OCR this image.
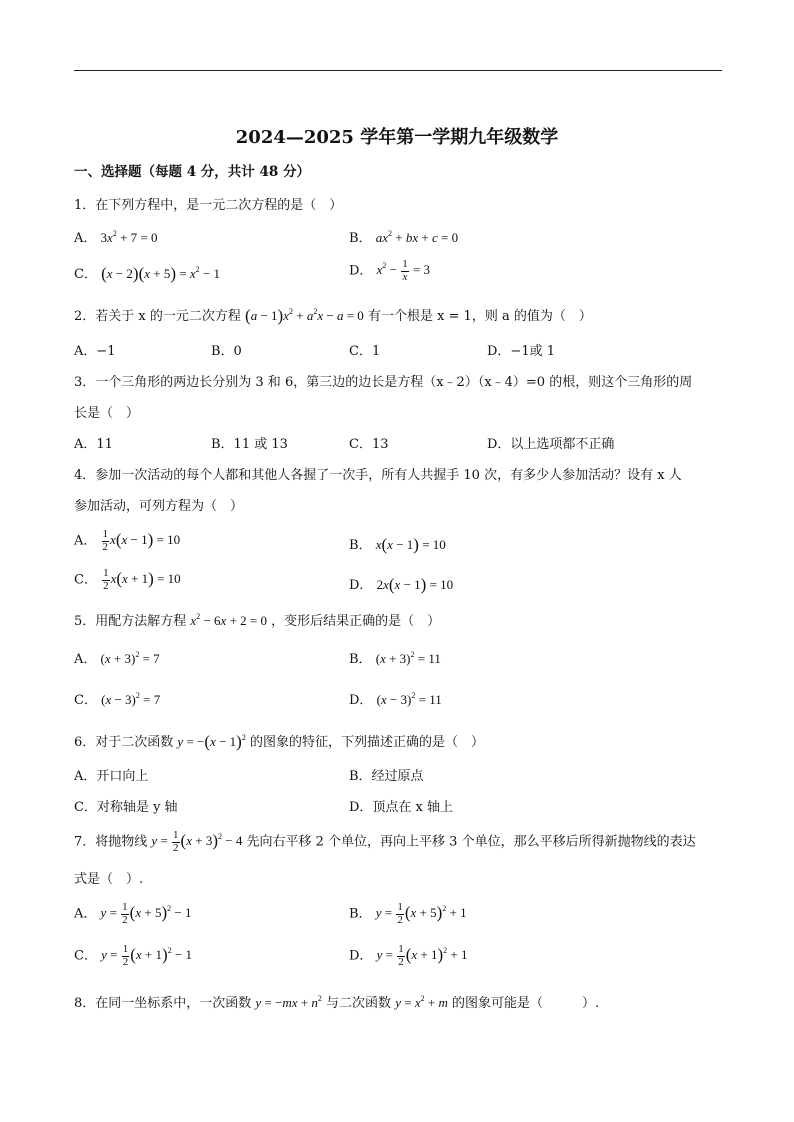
2024—2025 学年第一学期九年级数学
一、选择题（每题 4 分，共计 48 分）
1．在下列方程中，是一元二次方程的是（　）
A． $3x^2 + 7 = 0$	B． $ax^2$ + bx + c = 0
C． $(x - 2)(x + 5) = x^2 - 1$	D． $x^2 - \frac{1}{x} = 3$
2．若关于 x 的一元二次方程 $(a - 1)x^2 + a^2x - a = 0$ 有一个根是 x = 1，则 a 的值为（　）
A．−1	B．0	C．1	D．−1或 1
3．一个三角形的两边长分别为 3 和 6，第三边的边长是方程（x﹣2）（x﹣4）=0 的根，则这个三角形的周
长是（　）
A．11	B．11 或 13	C．13	D．以上选项都不正确
4．参加一次活动的每个人都和其他人各握了一次手，所有人共握手 10 次，有多少人参加活动？设有 x 人
参加活动，可列方程为（　）
A． $\frac{1}{2} x(x - 1) = 10$	B． x(x − 1) = 10
C． $\frac{1}{2} x(x + 1) = 10$	D． 2x(x − 1) = 10
5．用配方法解方程 $x^2 - 6x + 2 = 0$ ，变形后结果正确的是（　）
A． $(x + 3)^2 = 7$	B． $(x + 3)^2 = 11$
C． $(x - 3)^2 = 7$	D． $(x - 3)^2 = 11$
6．对于二次函数 $y = -(x - 1)^2$ 的图象的特征，下列描述正确的是（　）
A．开口向上	B．经过原点
C．对称轴是 y 轴	D．顶点在 x 轴上
7．将抛物线 $y = \frac{1}{2} (x + 3)^2 - 4$ 先向右平移 2 个单位，再向上平移 3 个单位，那么平移后所得新抛物线的表达
式是（　）.
A． $y = \frac{1}{2} (x + 5)^2 - 1$	B． $y = \frac{1}{2} (x + 5)^2 + 1$
C． $y = \frac{1}{2} (x + 1)^2 - 1$	D． $y = \frac{1}{2} (x + 1)^2 + 1$
8．在同一坐标系中，一次函数 $y = -mx + n^2$ 与二次函数 $y = x^2 + m$ 的图象可能是（　　　）.
